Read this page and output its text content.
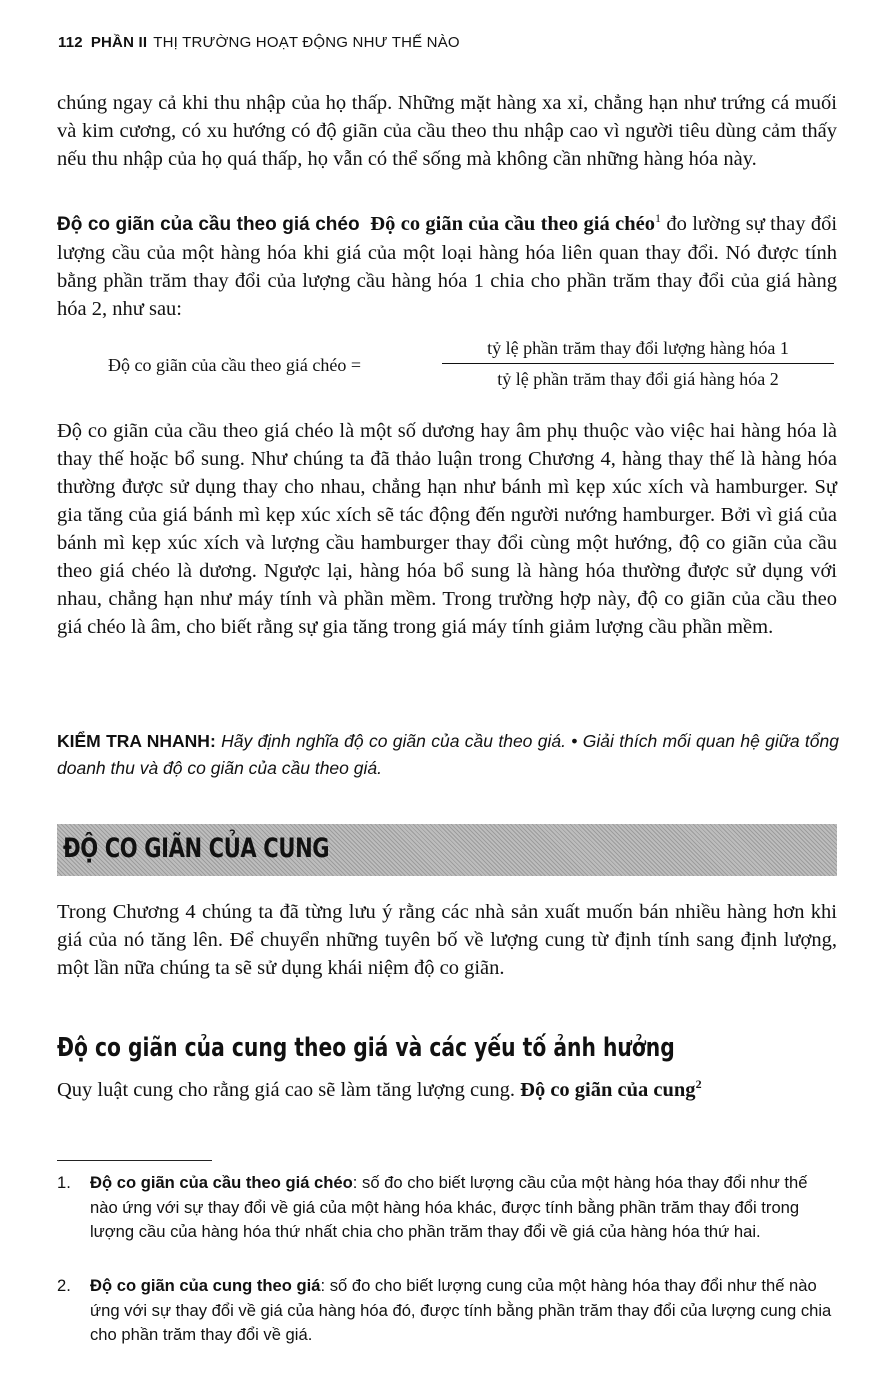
112 PHẦN II THỊ TRƯỜNG HOẠT ĐỘNG NHƯ THẾ NÀO

chúng ngay cả khi thu nhập của họ thấp. Những mặt hàng xa xỉ, chẳng hạn như trứng cá muối và kim cương, có xu hướng có độ giãn của cầu theo thu nhập cao vì người tiêu dùng cảm thấy nếu thu nhập của họ quá thấp, họ vẫn có thể sống mà không cần những hàng hóa này.

Độ co giãn của cầu theo giá chéo Độ co giãn của cầu theo giá chéo$^1$ đo lường sự thay đổi lượng cầu của một hàng hóa khi giá của một loại hàng hóa liên quan thay đổi. Nó được tính bằng phần trăm thay đổi của lượng cầu hàng hóa 1 chia cho phần trăm thay đổi của giá hàng hóa 2, như sau:

Độ co giãn của cầu theo giá chéo =
tỷ lệ phần trăm thay đổi lượng hàng hóa 1
tỷ lệ phần trăm thay đổi giá hàng hóa 2

Độ co giãn của cầu theo giá chéo là một số dương hay âm phụ thuộc vào việc hai hàng hóa là thay thế hoặc bổ sung. Như chúng ta đã thảo luận trong Chương 4, hàng thay thế là hàng hóa thường được sử dụng thay cho nhau, chẳng hạn như bánh mì kẹp xúc xích và hamburger. Sự gia tăng của giá bánh mì kẹp xúc xích sẽ tác động đến người nướng hamburger. Bởi vì giá của bánh mì kẹp xúc xích và lượng cầu hamburger thay đổi cùng một hướng, độ co giãn của cầu theo giá chéo là dương. Ngược lại, hàng hóa bổ sung là hàng hóa thường được sử dụng với nhau, chẳng hạn như máy tính và phần mềm. Trong trường hợp này, độ co giãn của cầu theo giá chéo là âm, cho biết rằng sự gia tăng trong giá máy tính giảm lượng cầu phần mềm.

KIỂM TRA NHANH: Hãy định nghĩa độ co giãn của cầu theo giá. • Giải thích mối quan hệ giữa tổng doanh thu và độ co giãn của cầu theo giá.

ĐỘ CO GIÃN CỦA CUNG

Trong Chương 4 chúng ta đã từng lưu ý rằng các nhà sản xuất muốn bán nhiều hàng hơn khi giá của nó tăng lên. Để chuyển những tuyên bố về lượng cung từ định tính sang định lượng, một lần nữa chúng ta sẽ sử dụng khái niệm độ co giãn.

Độ co giãn của cung theo giá và các yếu tố ảnh hưởng

Quy luật cung cho rằng giá cao sẽ làm tăng lượng cung. Độ co giãn của cung$^2$

1.	Độ co giãn của cầu theo giá chéo: số đo cho biết lượng cầu của một hàng hóa thay đổi như thế nào ứng với sự thay đổi về giá của một hàng hóa khác, được tính bằng phần trăm thay đổi trong lượng cầu của hàng hóa thứ nhất chia cho phần trăm thay đổi về giá của hàng hóa thứ hai.
2.	Độ co giãn của cung theo giá: số đo cho biết lượng cung của một hàng hóa thay đổi như thế nào ứng với sự thay đổi về giá của hàng hóa đó, được tính bằng phần trăm thay đổi của lượng cung chia cho phần trăm thay đổi về giá.
